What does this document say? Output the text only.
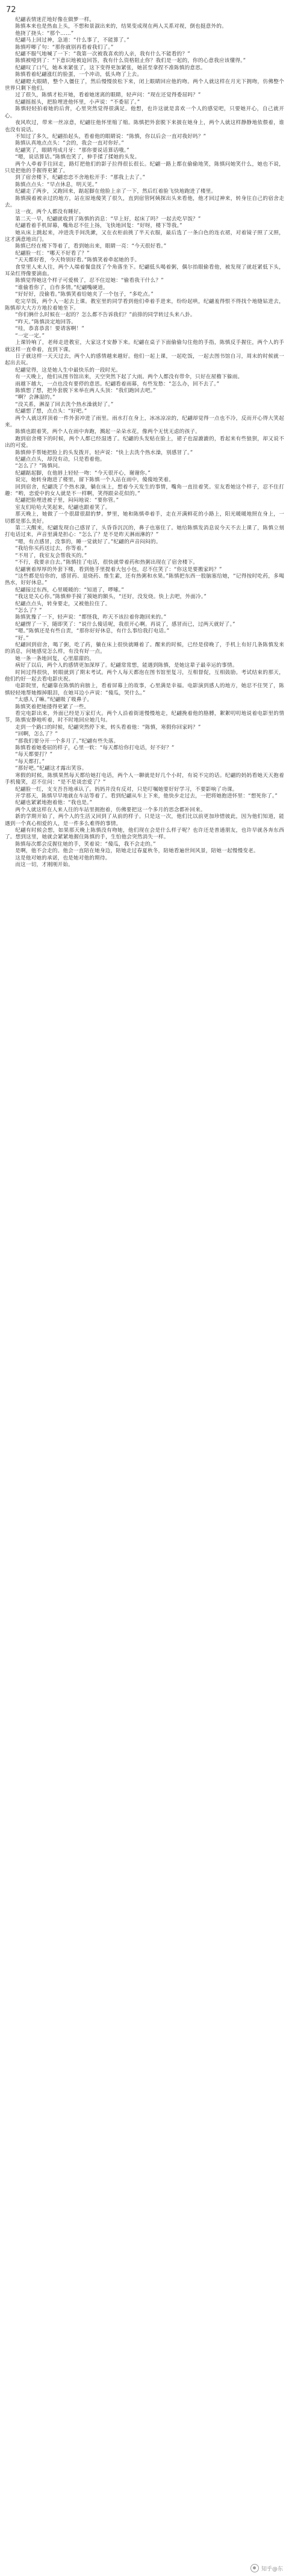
72

纪翩表情迷茫地好像在做梦一样。

陈慎本来也是热血上头，不想和景淑出来的，结果变成现在两人关系对视，倒也挺意外的。

他挠了挠头：“那个……”

纪翩马上回过神，急道：“什么事了，不能算了。”

陈慎哼唧了句：“那你就别再看着我们了。”

纪翩不服气地喊了一下：“我第一次被我喜欢的人亲，我有什么不能看的？”

陈慎被噎到了：“下意识地被迫回答，我有什么资格阻止你？我们是一起的，你的心意我应该懂得。”

纪翩叹了口气，她本来紧张了，这下变得更加紧张，她甚至拿捏不准陈慎的意思。

陈慎看着纪翩涨红的脸蛋，一个冲动，低头吻了上去。

纪翩瞪大眼睛，整个人僵住了，然后慢慢放松下来，闭上眼睛回应他的吻。两个人就这样在月光下拥吻，仿佛整个世界只剩下他们。

过了很久，陈慎才松开她，看着她迷离的眼睛，轻声问：“现在还觉得委屈吗？”

纪翩摇摇头，把脸埋进他怀里，小声说：“不委屈了。”

陈慎轻轻拍着她的后背，心里突然觉得很满足。他想，也许这就是喜欢一个人的感觉吧，只要她开心，自己就开心。

夜风吹过，带来一丝凉意，纪翩往他怀里缩了缩。陈慎把外套脱下来披在她身上，两个人就这样静静地依偎着，谁也没有说话。

不知过了多久，纪翩抬起头，看着他的眼睛说：“陈慎，你以后会一直对我好吗？”

陈慎认真地点点头：“会的，我会一直对你好。”

纪翩笑了，眼睛弯成月牙：“那你要说话算话哦。”

“嗯，说话算话。”陈慎也笑了，伸手揉了揉她的头发。

两个人牵着手往回走，路灯把他们的影子拉得很长很长。纪翩一路上都在偷偷地笑，陈慎问她笑什么，她也不说，只是把他的手握得更紧了。

到了宿舍楼下，纪翩恋恋不舍地松开手：“那我上去了。”

陈慎点点头：“早点休息，明天见。”

纪翩走了两步，又跑回来，踮起脚在他脸上亲了一下，然后红着脸飞快地跑进了楼里。

陈慎摸着被亲过的地方，站在原地傻笑了很久，直到宿管阿姨探出头来看他，他才回过神来，转身往自己的宿舍走去。

这一夜，两个人都没有睡好。

第二天一早，纪翩就收到了陈慎的消息：“早上好，起床了吗？一起去吃早饭？”

纪翩看着手机屏幕，嘴角忍不住上扬，飞快地回复：“好呀，楼下等我。”

她从床上跳起来，冲进洗手间洗漱，又在衣柜前挑了半天衣服，最后选了一条白色的连衣裙，对着镜子照了又照，这才满意地出门。

陈慎已经在楼下等着了，看到她出来，眼睛一亮：“今天很好看。”

纪翩脸一红：“哪天不好看了？”

“天天都好看，今天特别好看。”陈慎笑着牵起她的手。

食堂里人来人往，两个人端着餐盘找了个角落坐下。纪翩低头喝着粥，偶尔抬眼偷看他，被发现了就赶紧低下头，耳朵红得像要滴血。

陈慎觉得她这个样子可爱极了，忍不住逗她：“偷看我干什么？”

“谁偷看你了，自作多情。”纪翩嘴硬道。

“好好好，没偷看。”陈慎笑着给她夹了一个包子，“多吃点。”

吃完早饭，两个人一起去上课。教室里的同学看到他们牵着手进来，纷纷起哄，纪翩羞得恨不得找个地缝钻进去，陈慎却大大方方地拉着她坐下。

“你们俩什么时候在一起的？怎么都不告诉我们？”前排的同学转过头来八卦。

“昨天。”陈慎淡定地回答。

“哇，恭喜恭喜！要请客啊！”

“一定一定。”

上课铃响了，老师走进教室，大家这才安静下来。纪翩在桌子下面偷偷勾住他的手指，陈慎反手握住，两个人的手就这样一直牵着，直到下课。

日子就这样一天天过去，两个人的感情越来越好。他们一起上课，一起吃饭，一起去图书馆自习，周末的时候就一起出去玩。

纪翩觉得，这是她人生中最快乐的一段时光。

有一天晚上，他们从图书馆出来，天空突然下起了大雨。两个人都没有带伞，只好在屋檐下躲雨。

雨越下越大，一点也没有要停的意思。纪翩看着雨幕，有些发愁：“怎么办，回不去了。”

陈慎想了想，把外套脱下来举在两人头顶：“我们跑回去吧。”

“啊？会淋湿的。”

“没关系，淋湿了回去洗个热水澡就好了。”

纪翩想了想，点点头：“好吧。”

两个人就这样顶着一件外套冲进了雨里。雨水打在身上，冰冰凉凉的，纪翩却觉得一点也不冷，反而开心得大笑起来。

陈慎也跟着笑，两个人在雨中奔跑，溅起一朵朵水花，像两个无忧无虑的孩子。

跑到宿舍楼下的时候，两个人都已经湿透了。纪翩的头发贴在脸上，裙子也湿漉漉的，看起来有些狼狈，却又说不出的可爱。

陈慎伸手帮她把脸上的头发拨开，轻声说：“快上去洗个热水澡，别感冒了。”

纪翩点点头，却没有动，只是看着他。

“怎么了？”陈慎问。

纪翩踮起脚，在他唇上轻轻一吻：“今天很开心，谢谢你。”

说完，她转身跑进了楼里，留下陈慎一个人站在雨中，傻傻地笑着。

回到宿舍，纪翩洗了个热水澡，躺在床上，想着今天发生的事情，嘴角一直挂着笑。室友看她这个样子，忍不住打趣：“哟，恋爱中的女人就是不一样啊，笑得跟朵花似的。”

纪翩把脸埋进被子里，闷闷地说：“要你管。”

室友们哈哈大笑起来，纪翩也跟着笑了。

那天晚上，她做了一个很甜很甜的梦。梦里，她和陈慎牵着手，走在开满鲜花的小路上，阳光暖暖地照在身上，一切都是那么美好。

第二天醒来，纪翩发现自己感冒了，头昏昏沉沉的，鼻子也塞住了。她给陈慎发消息说今天不去上课了，陈慎立刻打电话过来，声音里满是担心：“怎么了？是不是昨天淋雨淋的？”

“嗯，有点感冒，没事的，睡一觉就好了。”纪翩的声音闷闷的。

“我给你买药送过去，你等着。”

“不用了，我室友会帮我买的。”

“不行，我要亲自去。”陈慎挂了电话，很快就带着药和热粥出现在了宿舍楼下。

纪翩裹着厚厚的外套下楼，看到他手里提着大包小包，忍不住笑了：“你这是要搬家吗？”

“这些都是给你的，感冒药、退烧药、维生素，还有热粥和水果。”陈慎把东西一股脑塞给她，“记得按时吃药，多喝热水，好好休息。”

纪翩接过东西，心里暖暖的：“知道了，啰嗦。”

“我这是关心你。”陈慎伸手摸了摸她的额头，“还好，没发烧。快上去吧，外面冷。”

纪翩点点头，转身要走，又被他拉住了。

“怎么了？”

陈慎犹豫了一下，轻声说：“都怪我，昨天不该拉着你跑回来的。”

纪翩愣了一下，随即笑了：“说什么傻话呢，我很开心啊。再说了，感冒而已，过两天就好了。”

“嗯。”陈慎还是有些自责，“那你好好休息，有什么事给我打电话。”

“好。”

纪翩回到宿舍，喝了粥，吃了药，躺在床上很快就睡着了。醒来的时候，已经是傍晚了，手机上有好几条陈慎发来的消息，问她感觉怎么样，有没有好一点。

她一条一条地回复，心里甜甜的。

病好了以后，两个人的感情更加深厚了。纪翩常常想，能遇到陈慎，是她这辈子最幸运的事情。

时间过得很快，转眼就到了期末考试。两个人每天都泡在图书馆里复习，互相督促，互相鼓励。考试结束的那天，他们约好一起去看电影庆祝。

电影院里，纪翩靠在陈慎的肩膀上，看着屏幕上的故事，心里满是幸福。电影演到感人的地方，她忍不住哭了，陈慎轻轻地帮她擦掉眼泪，在她耳边小声说：“傻瓜，哭什么。”

“太感人了嘛。”纪翩吸了吸鼻子。

陈慎笑着把她搂得更紧了一些。

看完电影出来，外面已经是万家灯火。两个人沿着街道慢慢地走，纪翩挽着他的胳膊，絮絮叨叨地说着电影里的情节，陈慎安静地听着，时不时地回应她几句。

走到一个路口的时候，纪翩突然停下来，转头看着他：“陈慎，寒假你回家吗？”

“回啊，怎么了？”

“那我们要分开一个多月了。”纪翩有些失落。

陈慎看着她委屈的样子，心里一软：“每天都给你打电话，好不好？”

“每天都要打？”

“每天都打。”

“那好吧。”纪翩这才露出笑容。

寒假的时候，陈慎果然每天都给她打电话，两个人一聊就是好几个小时，有说不完的话。纪翩的妈妈看她天天抱着手机傻笑，忍不住问：“是不是谈恋爱了？”

纪翩脸一红，支支吾吾地承认了。妈妈并没有反对，只是叮嘱她要好好学习，不要影响了功课。

开学那天，陈慎早早地就在车站等着了。看到纪翩从车上下来，他快步走过去，一把将她抱进怀里：“想死你了。”

纪翩也紧紧地抱着他：“我也是。”

两个人就这样在人来人往的车站里拥抱着，仿佛要把这一个多月的思念都补回来。

新的学期开始了，两个人的生活又回到了从前的样子。只是这一次，他们比以前更加珍惜彼此，因为他们知道，能遇到一个真心相爱的人，是一件多么难得的事情。

纪翩有时候会想，如果那天晚上陈慎没有吻她，他们现在会是什么样子呢？也许还是普通朋友，也许早就各奔东西了。想到这里，她就会紧紧地握住陈慎的手，生怕他会突然消失一样。

陈慎每次都会反握住她的手，笑着说：“傻瓜，我不会走的。”

是啊，他不会走的。他会一直陪在她身边，陪她走过春夏秋冬，陪她看遍世间风景，陪她一起慢慢变老。

这是他对她的承诺，也是她对他的期待。

而这一切，才刚刚开始。

知乎@东
